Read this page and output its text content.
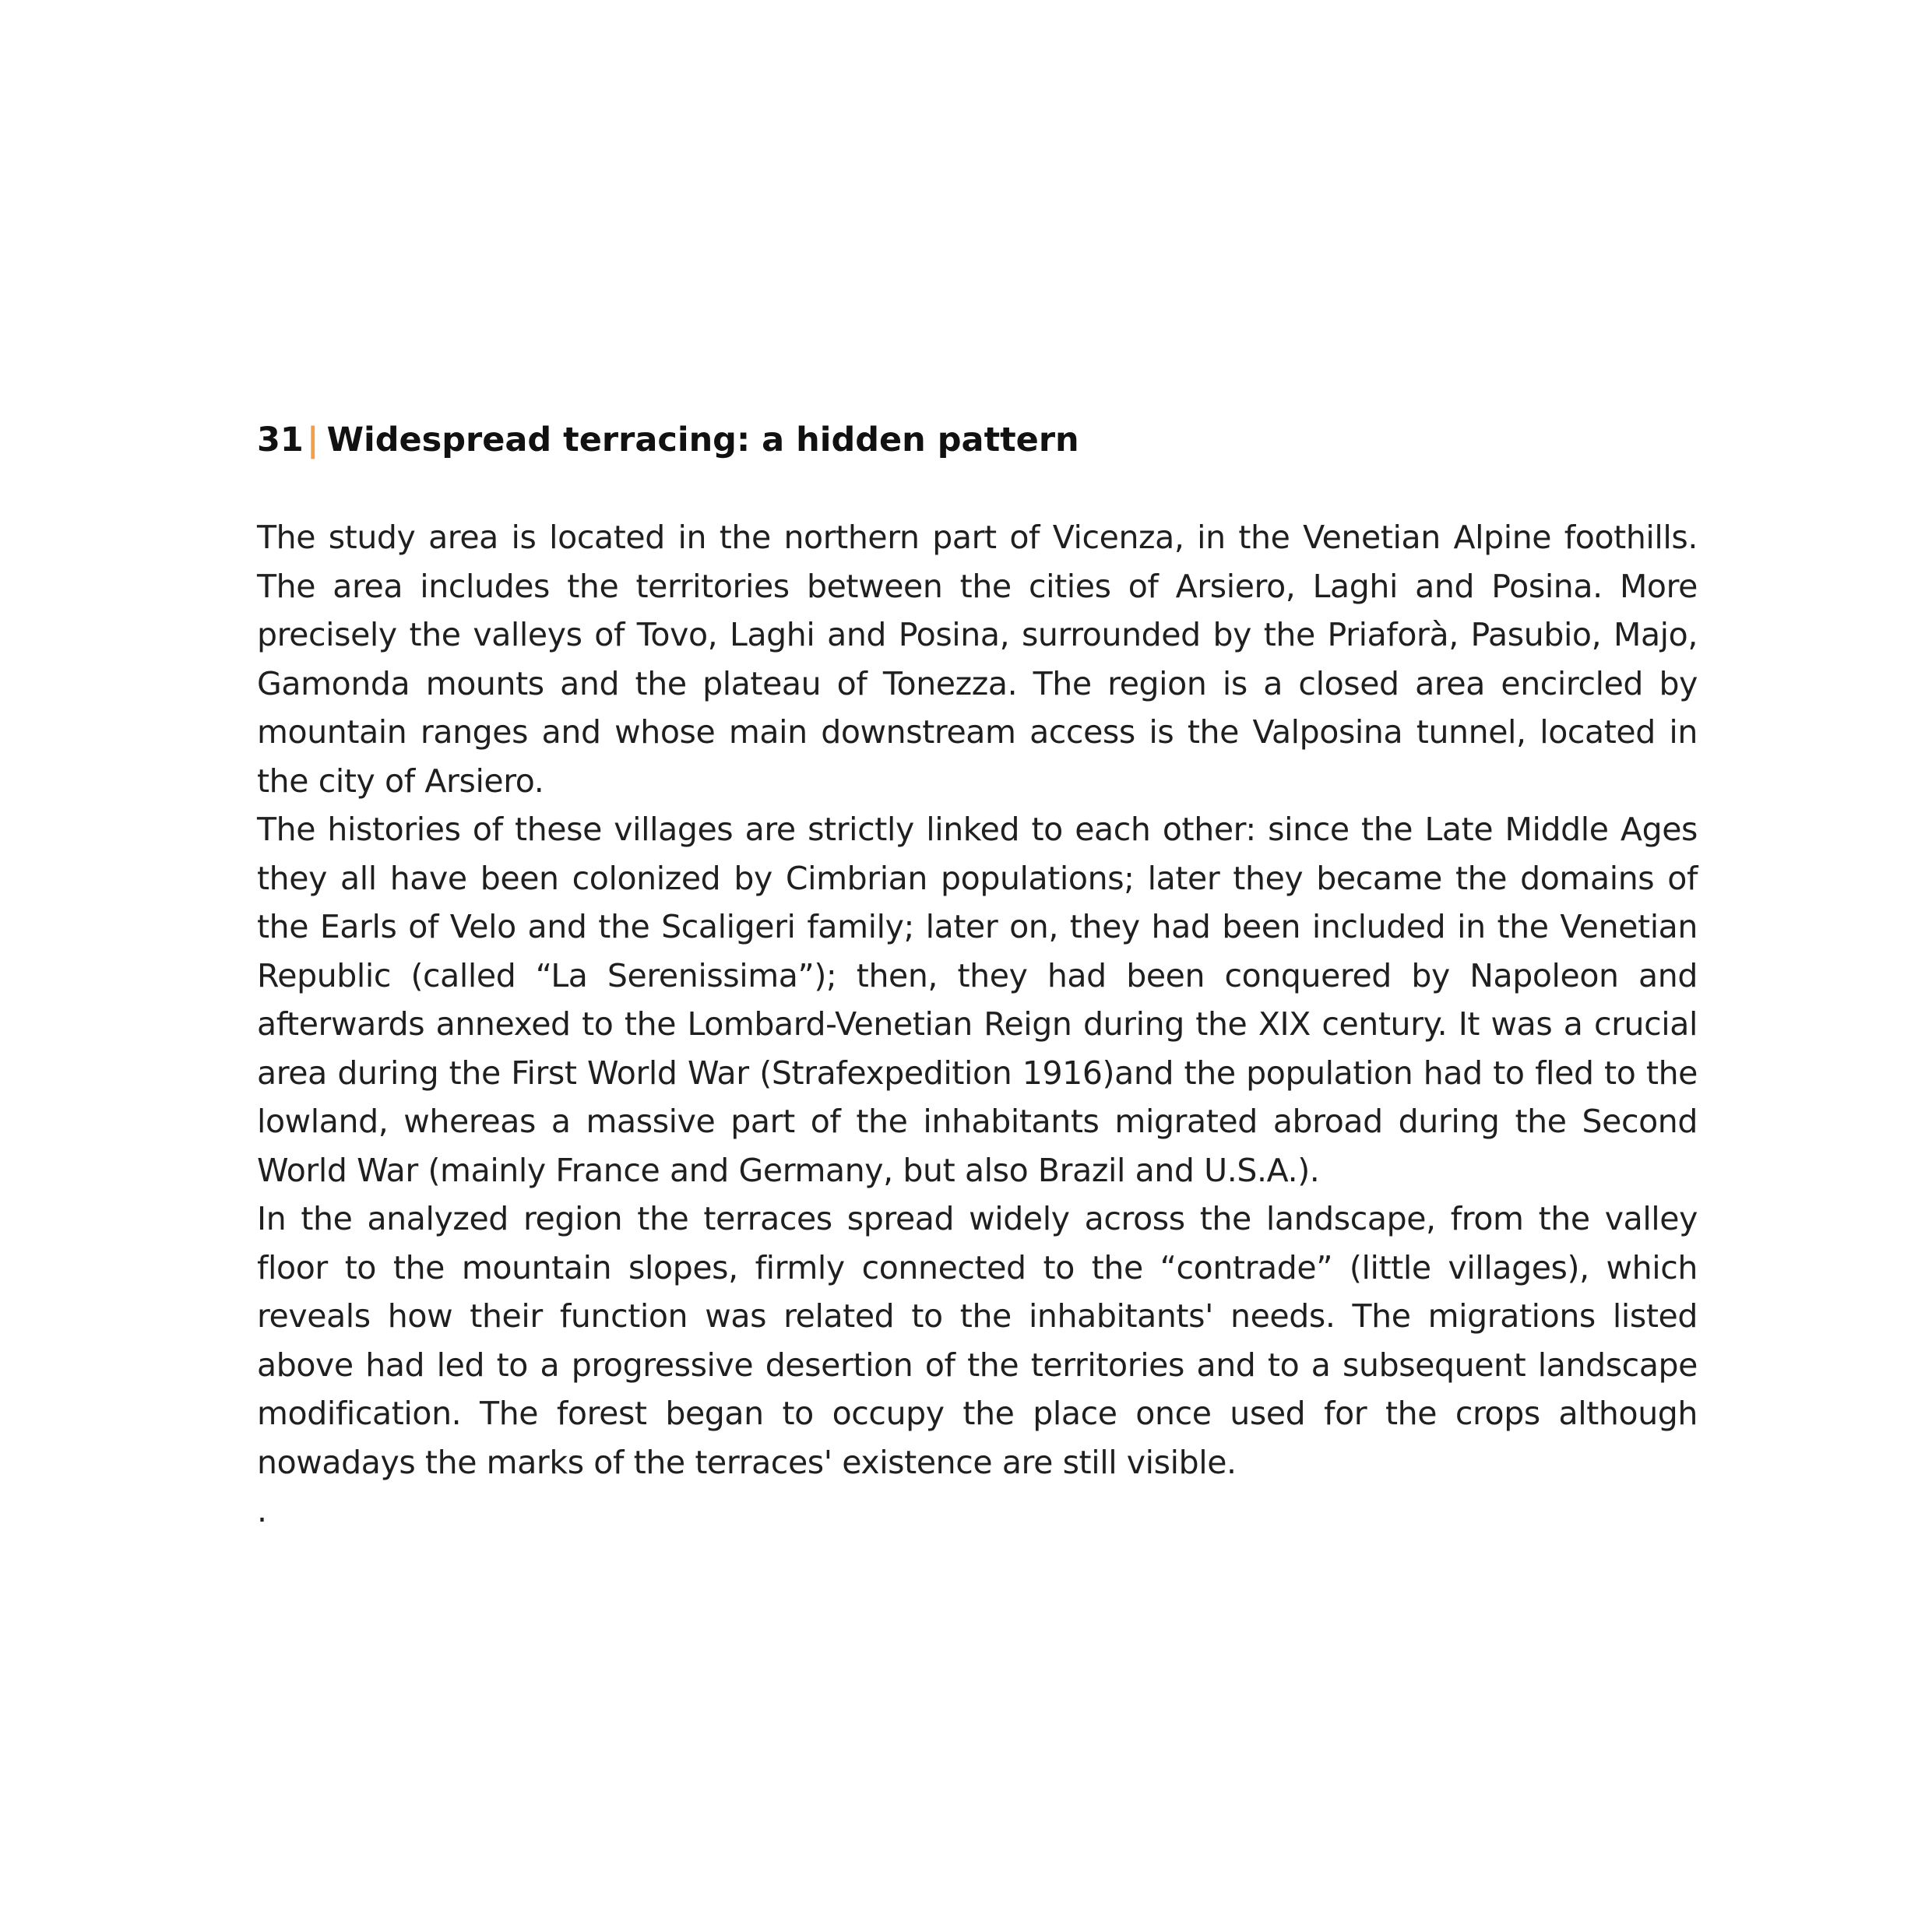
31| Widespread terracing: a hidden pattern

The study area is located in the northern part of Vicenza, in the Venetian Alpine foothills. The area includes the territories between the cities of Arsiero, Laghi and Posina. More precisely the valleys of Tovo, Laghi and Posina, surrounded by the Priaforà, Pasubio, Majo, Gamonda mounts and the plateau of Tonezza. The region is a closed area encircled by mountain ranges and whose main downstream access is the Valposina tunnel, located in the city of Arsiero.

The histories of these villages are strictly linked to each other: since the Late Middle Ages they all have been colonized by Cimbrian populations; later they became the domains of the Earls of Velo and the Scaligeri family; later on, they had been included in the Venetian Republic (called “La Serenissima”); then, they had been conquered by Napoleon and afterwards annexed to the Lombard-Venetian Reign during the XIX century. It was a crucial area during the First World War (Strafexpedition 1916)and the population had to fled to the lowland, whereas a massive part of the inhabitants migrated abroad during the Second World War (mainly France and Germany, but also Brazil and U.S.A.).

In the analyzed region the terraces spread widely across the landscape, from the valley floor to the mountain slopes, firmly connected to the “contrade” (little villages), which reveals how their function was related to the inhabitants' needs. The migrations listed above had led to a progressive desertion of the territories and to a subsequent landscape modification. The forest began to occupy the place once used for the crops although nowadays the marks of the terraces' existence are still visible.

.
